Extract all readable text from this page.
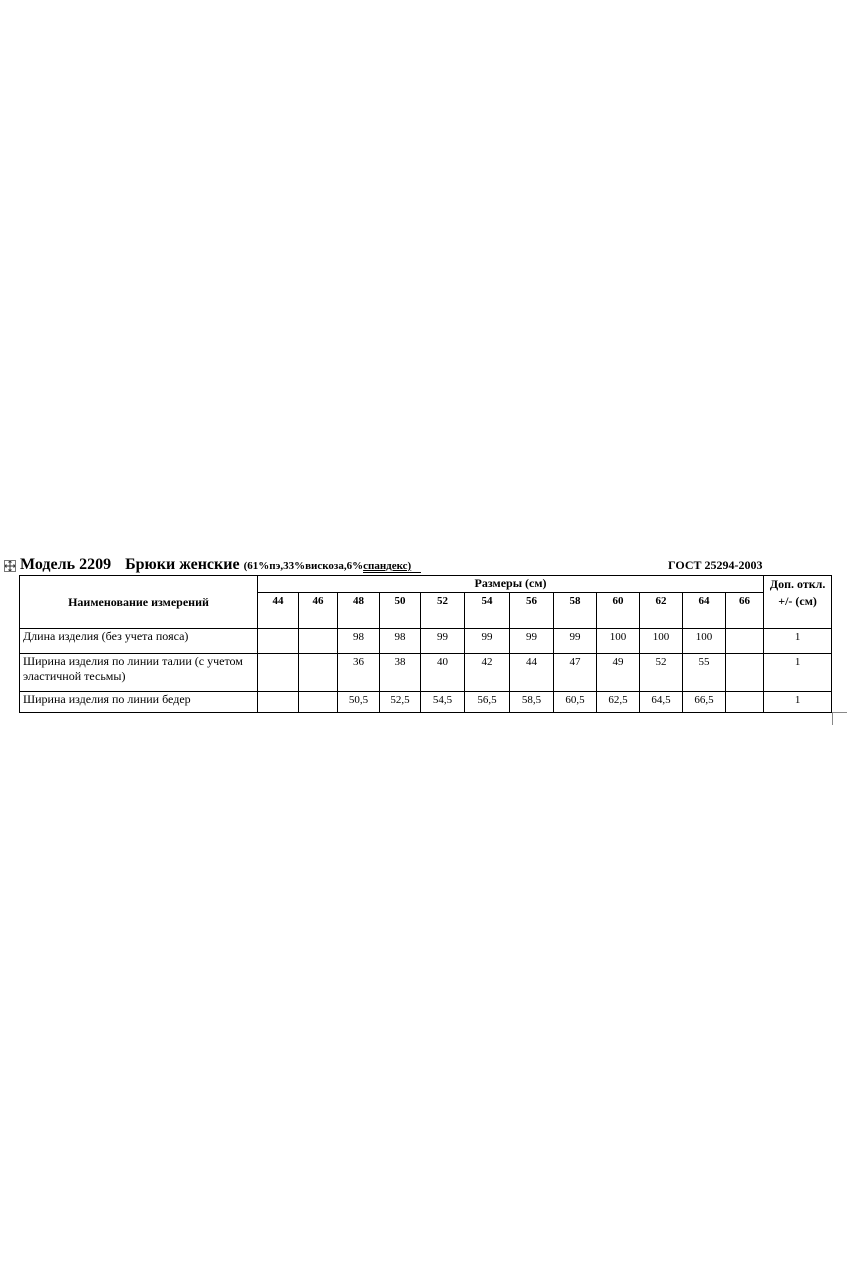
Модель 2209 Брюки женские (61%пэ,33%вискоза,6%спандекс)	ГОСТ 25294-2003
Наименование измерений	Размеры (см)												Доп. откл. +/- (см)
	44	46	48	50	52	54	56	58	60	62	64	66	
Длина изделия (без учета пояса)			98	98	99	99	99	99	100	100	100		1
Ширина изделия по линии талии (с учетом эластичной тесьмы)			36	38	40	42	44	47	49	52	55		1
Ширина изделия по линии бедер			50,5	52,5	54,5	56,5	58,5	60,5	62,5	64,5	66,5		1
